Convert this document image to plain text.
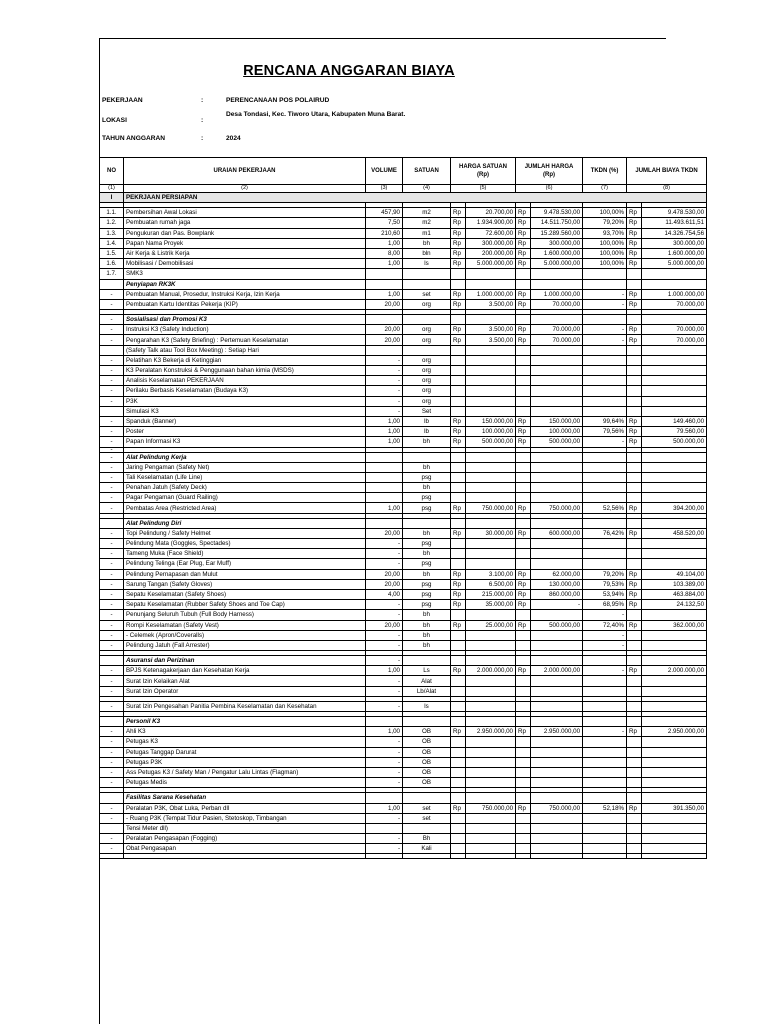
RENCANA ANGGARAN BIAYA
PEKERJAAN	:	PERENCANAAN POS POLAIRUD
LOKASI	:
Desa Tondasi, Kec. Tiworo Utara, Kabupaten Muna Barat.
TAHUN ANGGARAN	:	2024
NO	URAIAN PEKERJAAN	VOLUME	SATUAN	HARGA SATUAN (Rp)		JUMLAH HARGA (Rp)		TKDN (%)	JUMLAH BIAYA TKDN	
(1)	(2)	(3)	(4)	(5)		(6)		(7)	(8)	
I	PEKRJAAN PERSIAPAN									

1.1.	Pembersihan Awal Lokasi	457,90	m2	Rp	20.700,00	Rp	9.478.530,00	100,00%	Rp	9.478.530,00
1.2.	Pembuatan rumah jaga	7,50	m2	Rp	1.934.900,00	Rp	14.511.750,00	79,20%	Rp	11.493.611,51
1.3.	Pengukuran dan Pas. Bowplank	210,60	m1	Rp	72.600,00	Rp	15.289.560,00	93,70%	Rp	14.326.754,56
1.4.	Papan Nama Proyek	1,00	bh	Rp	300.000,00	Rp	300.000,00	100,00%	Rp	300.000,00
1.5.	Air Kerja & Listrik Kerja	8,00	bln	Rp	200.000,00	Rp	1.600.000,00	100,00%	Rp	1.600.000,00
1.6.	Mobilisasi / Demobilisasi	1,00	ls	Rp	5.000.000,00	Rp	5.000.000,00	100,00%	Rp	5.000.000,00
1.7.	SMK3									
	Penyiapan RK3K									
-	Pembuatan Manual, Prosedur, Instruksi Kerja, Izin Kerja	1,00	set	Rp	1.000.000,00	Rp	1.000.000,00	-	Rp	1.000.000,00
-	Pembuatan Kartu Identitas Pekerja (KIP)	20,00	org	Rp	3.500,00	Rp	70.000,00	-	Rp	70.000,00

-	Sosialisasi dan Promosi K3									
-	Instruksi K3 (Safety Induction)	20,00	org	Rp	3.500,00	Rp	70.000,00	-	Rp	70.000,00
-	Pengarahan K3 (Safety Briefing) : Pertemuan Keselamatan	20,00	org	Rp	3.500,00	Rp	70.000,00	-	Rp	70.000,00
	(Safety Talk atau Tool Box Meeting) : Setiap Hari									
-	Pelatihan K3 Bekerja di Ketinggian	-	org							
-	K3 Peralatan Konstruksi & Penggunaan bahan kimia (MSDS)	-	org							
-	Analisis Keselamatan PEKERJAAN	-	org							
-	Perilaku Berbasis Keselamatan (Budaya K3)	-	org							
-	P3K	-	org							
	Simulasi K3	-	Set							
-	Spanduk (Banner)	1,00	lb	Rp	150.000,00	Rp	150.000,00	99,64%	Rp	149.460,00
-	Poster	1,00	lb	Rp	100.000,00	Rp	100.000,00	79,56%	Rp	79.560,00
-	Papan Informasi K3	1,00	bh	Rp	500.000,00	Rp	500.000,00	-	Rp	500.000,00
-										
-	Alat Pelindung Kerja									
-	Jaring Pengaman (Safety Net)		bh							
-	Tali Keselamatan (Life Line)		psg							
-	Penahan Jatuh (Safety Deck)		bh							
-	Pagar Pengaman (Guard Railing)		psg							
-	Pembatas Area (Restricted Area)	1,00	psg	Rp	750.000,00	Rp	750.000,00	52,56%	Rp	394.200,00

	Alat Pelindung Diri									
-	Topi Pelindung / Safety Helmet	20,00	bh	Rp	30.000,00	Rp	600.000,00	76,42%	Rp	458.520,00
-	Pelindung Mata (Goggles, Spectades)	-	psg							
-	Tameng Muka (Face Shield)	-	bh							
-	Pelindung Telinga (Ear Plug, Ear Muff)	-	psg							
-	Pelindung Pernapasan dan Mulut	20,00	bh	Rp	3.100,00	Rp	62.000,00	79,20%	Rp	49.104,00
-	Sarung Tangan (Safety Gloves)	20,00	psg	Rp	6.500,00	Rp	130.000,00	79,53%	Rp	103.389,00
-	Sepatu Keselamatan (Safety Shoes)	4,00	psg	Rp	215.000,00	Rp	860.000,00	53,94%	Rp	463.884,00
-	Sepatu Keselamatan (Rubber Safety Shoes and Toe Cap)	-	psg	Rp	35.000,00	Rp	-	68,95%	Rp	24.132,50
-	Penunjang Seluruh Tubuh (Full Body Harness)	-	bh					-		
-	Rompi Keselamatan (Safety Vest)	20,00	bh	Rp	25.000,00	Rp	500.000,00	72,40%	Rp	362.000,00
-	- Celemek (Apron/Coveralls)	-	bh					-		
-	Pelindung Jatuh (Fall Arrester)	-	bh					-		

	Asuransi dan Perizinan	-								
-	BPJS Ketenagakerjaan dan Kesehatan Kerja	1,00	Ls	Rp	2.000.000,00	Rp	2.000.000,00	-	Rp	2.000.000,00
-	Surat Izin Kelaikan Alat	-	Alat							
-	Surat Izin Operator	-	Lb/Alat							

-	Surat Izin Pengesahan Panitia Pembina Keselamatan dan Kesehatan	-	ls							

	Personil K3									
-	Ahli K3	1,00	OB	Rp	2.950.000,00	Rp	2.950.000,00	-	Rp	2.950.000,00
-	Petugas K3	-	OB							
-	Petugas Tanggap Darurat	-	OB							
-	Petugas P3K	-	OB							
-	Ass Petugas K3 / Safety Man / Pengatur Lalu Lintas (Flagman)	-	OB							
-	Petugas Medis	-	OB							

	Fasilitas Sarana Kesehatan									
-	Peralatan P3K, Obat Luka, Perban dll	1,00	set	Rp	750.000,00	Rp	750.000,00	52,18%	Rp	391.350,00
-	- Ruang P3K (Tempat Tidur Pasien, Stetoskop, Timbangan	-	set							
	Tensi Meter dll)									
-	Peralatan Pengasapan (Fogging)	-	Bh							
-	Obat Pengasapan	-	Kali							
